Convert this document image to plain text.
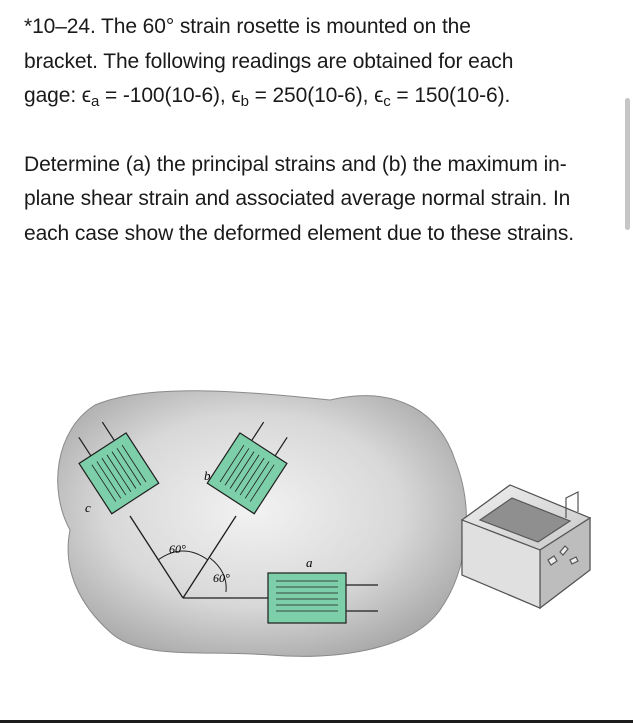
*10–24. The 60° strain rosette is mounted on the
bracket. The following readings are obtained for each
gage: $\epsilon_a = -100(10-6)$, $\epsilon_b = 250(10-6)$, $\epsilon_c = 150(10-6)$.

Determine (a) the principal strains and (b) the maximum in-plane shear strain and associated average normal strain. In each case show the deformed element due to these strains.

60°
60°
c
b
a
